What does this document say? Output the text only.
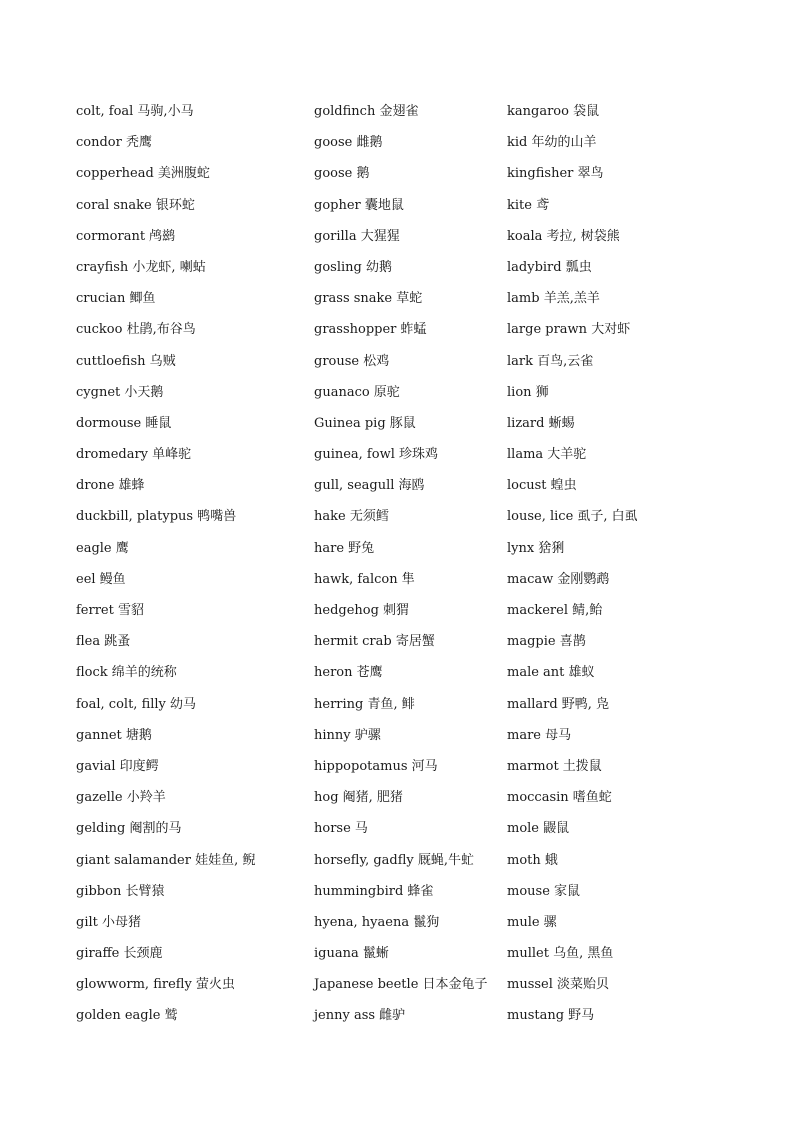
colt, foal 马驹,小马
condor 秃鹰
copperhead 美洲腹蛇
coral snake 银环蛇
cormorant 鸬鹚
crayfish 小龙虾, 喇蛄
crucian 鲫鱼
cuckoo 杜鹃,布谷鸟
cuttloefish 乌贼
cygnet 小天鹅
dormouse 睡鼠
dromedary 单峰驼
drone 雄蜂
duckbill, platypus 鸭嘴兽
eagle 鹰
eel 鳗鱼
ferret 雪貂
flea 跳蚤
flock 绵羊的统称
foal, colt, filly 幼马
gannet 塘鹅
gavial 印度鳄
gazelle 小羚羊
gelding 阉割的马
giant salamander 娃娃鱼, 鲵
gibbon 长臂猿
gilt 小母猪
giraffe 长颈鹿
glowworm, firefly 萤火虫
golden eagle 鹫
goldfinch 金翅雀
goose 雌鹅
goose 鹅
gopher 囊地鼠
gorilla 大猩猩
gosling 幼鹅
grass snake 草蛇
grasshopper 蚱蜢
grouse 松鸡
guanaco 原驼
Guinea pig 豚鼠
guinea, fowl 珍珠鸡
gull, seagull 海鸥
hake 无须鳕
hare 野兔
hawk, falcon 隼
hedgehog 刺猬
hermit crab 寄居蟹
heron 苍鹰
herring 青鱼, 鲱
hinny 驴骡
hippopotamus 河马
hog 阉猪, 肥猪
horse 马
horsefly, gadfly 厩蝇,牛虻
hummingbird 蜂雀
hyena, hyaena 鬣狗
iguana 鬣蜥
Japanese beetle 日本金龟子
jenny ass 雌驴
kangaroo 袋鼠
kid 年幼的山羊
kingfisher 翠鸟
kite 鸢
koala 考拉, 树袋熊
ladybird 瓢虫
lamb 羊羔,羔羊
large prawn 大对虾
lark 百鸟,云雀
lion 狮
lizard 蜥蜴
llama 大羊驼
locust 蝗虫
louse, lice 虱子, 白虱
lynx 猞猁
macaw 金刚鹦鹉
mackerel 鲭,鲐
magpie 喜鹊
male ant 雄蚁
mallard 野鸭, 凫
mare 母马
marmot 土拨鼠
moccasin 嗜鱼蛇
mole 鼹鼠
moth 蛾
mouse 家鼠
mule 骡
mullet 乌鱼, 黑鱼
mussel 淡菜贻贝
mustang 野马
